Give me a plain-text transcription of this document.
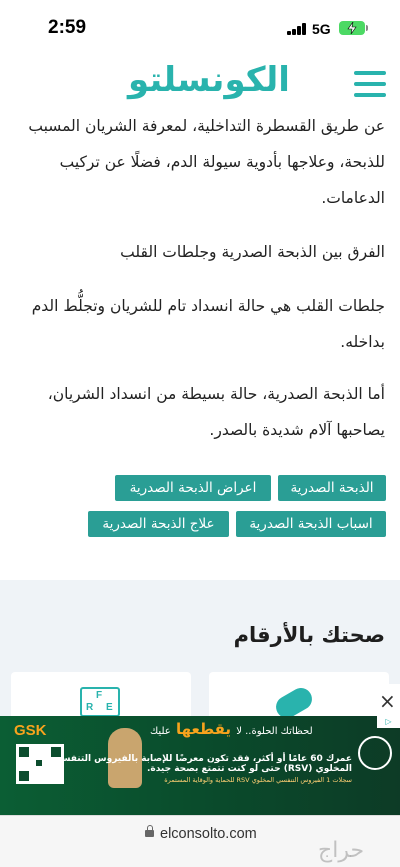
2:59	5G
الكونسلتو

عن طريق القسطرة التداخلية، لمعرفة الشريان المسبب للذبحة، وعلاجها بأدوية سيولة الدم، فضلًا عن تركيب الدعامات.

الفرق بين الذبحة الصدرية وجلطات القلب

جلطات القلب هي حالة انسداد تام للشريان وتجلُّط الدم بداخله.

أما الذبحة الصدرية، حالة بسيطة من انسداد الشريان، يصاحبها آلام شديدة بالصدر.

الذبحة الصدرية
اعراض الذبحة الصدرية
اسباب الذبحة الصدرية
علاج الذبحة الصدرية
صحتك بالأرقام
F
R E	×
GSK	لحظاتك الحلوة.. لا يقطعها عليك
عمرك 60 عامًا أو أكثر، فقد تكون معرضًا للإصابة بالفيروس التنفسي المخلوي (RSV) حتى لو كنت تتمتع بصحة جيدة.
سجلات 1 الفيروس التنفسي المخلوي RSV للحماية والوقاية المستمرة
▷
elconsolto.com
حراج
